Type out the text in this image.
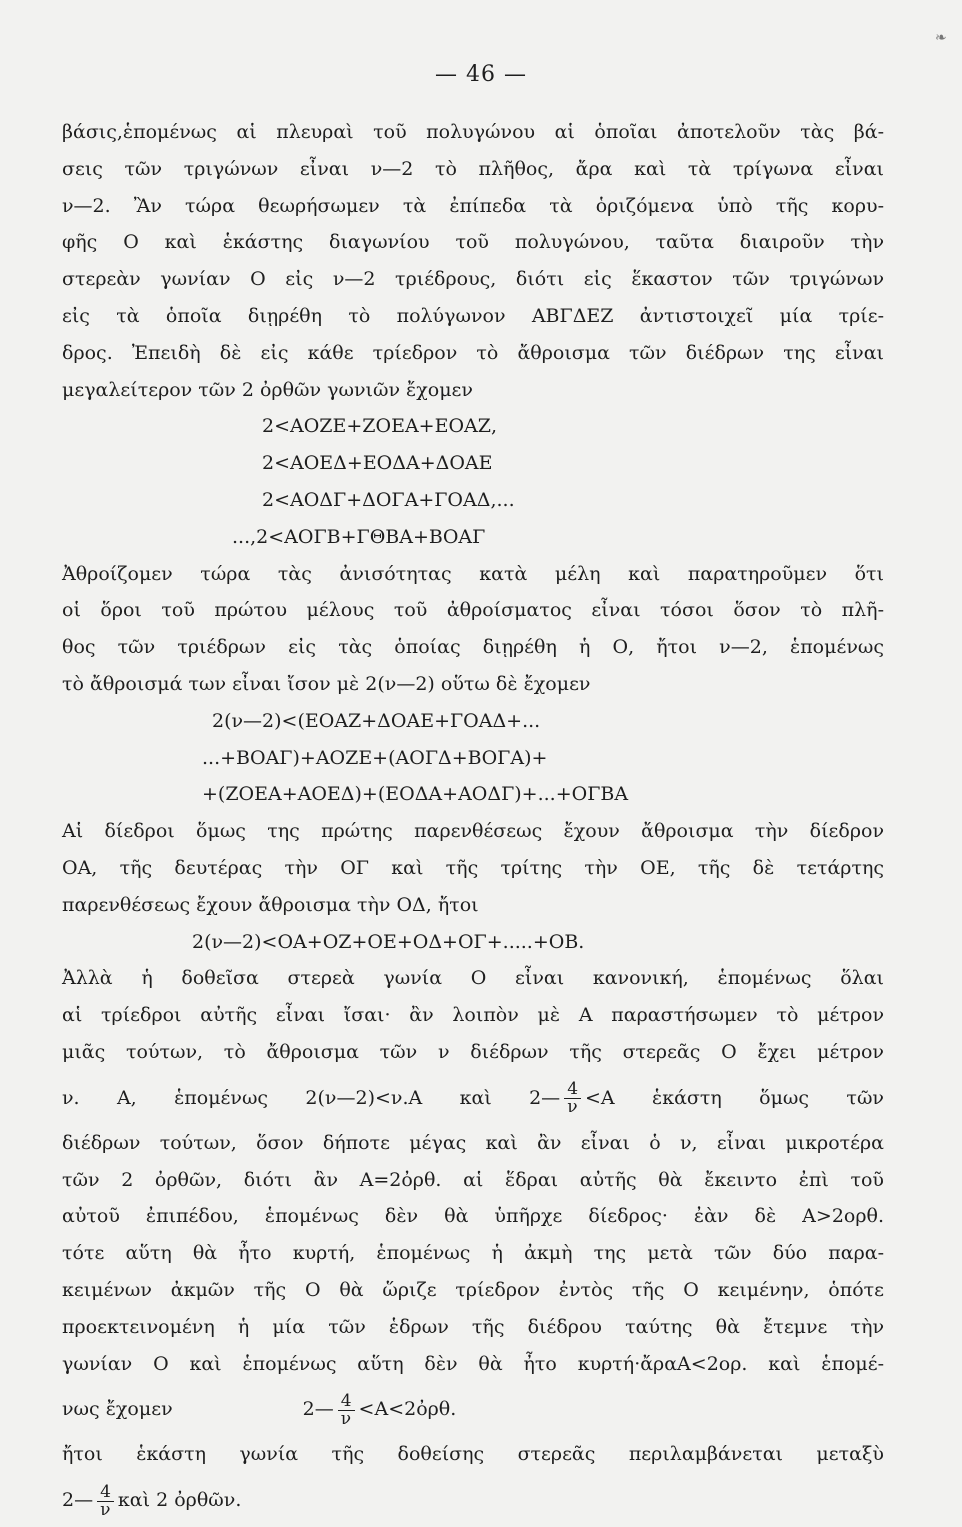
— 46 —
βάσις,ἑπομένως αἱ πλευραὶ τοῦ πολυγώνου αἱ ὁποῖαι ἀποτελοῦν τὰς βά-
σεις τῶν τριγώνων εἶναι ν—2 τὸ πλῆθος, ἄρα καὶ τὰ τρίγωνα εἶναι
ν—2. Ἂν τώρα θεωρήσωμεν τὰ ἐπίπεδα τὰ ὁριζόμενα ὑπὸ τῆς κορυ-
φῆς Ο καὶ ἑκάστης διαγωνίου τοῦ πολυγώνου, ταῦτα διαιροῦν τὴν
στερεὰν γωνίαν Ο εἰς ν—2 τριέδρους, διότι εἰς ἕκαστον τῶν τριγώνων
εἰς τὰ ὁποῖα διῃρέθη τὸ πολύγωνον ΑΒΓΔΕΖ ἀντιστοιχεῖ μία τρίε-
δρος. Ἐπειδὴ δὲ εἰς κάθε τρίεδρον τὸ ἄθροισμα τῶν διέδρων της εἶναι
μεγαλείτερον τῶν 2 ὀρθῶν γωνιῶν ἔχομεν
2<ΑΟΖΕ+ΖΟΕΑ+ΕΟΑΖ,
2<ΑΟΕΔ+ΕΟΔΑ+ΔΟΑΕ
2<ΑΟΔΓ+ΔΟΓΑ+ΓΟΑΔ,...
...,2<ΑΟΓΒ+ΓΘΒΑ+ΒΟΑΓ
Ἀθροίζομεν τώρα τὰς ἀνισότητας κατὰ μέλη καὶ παρατηροῦμεν ὅτι
οἱ ὅροι τοῦ πρώτου μέλους τοῦ ἀθροίσματος εἶναι τόσοι ὅσον τὸ πλῆ-
θος τῶν τριέδρων εἰς τὰς ὁποίας διῃρέθη ἡ Ο, ἤτοι ν—2, ἑπομένως
τὸ ἄθροισμά των εἶναι ἴσον μὲ 2(ν—2) οὕτω δὲ ἔχομεν
2(ν—2)<(ΕΟΑΖ+ΔΟΑΕ+ΓΟΑΔ+...
...+ΒΟΑΓ)+ΑΟΖΕ+(ΑΟΓΔ+ΒΟΓΑ)+
+(ΖΟΕΑ+ΑΟΕΔ)+(ΕΟΔΑ+ΑΟΔΓ)+...+ΟΓΒΑ
Αἱ δίεδροι ὅμως της πρώτης παρενθέσεως ἔχουν ἄθροισμα τὴν δίεδρον
ΟΑ, τῆς δευτέρας τὴν ΟΓ καὶ τῆς τρίτης τὴν ΟΕ, τῆς δὲ τετάρτης
παρενθέσεως ἔχουν ἄθροισμα τὴν ΟΔ, ἤτοι
2(ν—2)<ΟΑ+ΟΖ+ΟΕ+ΟΔ+ΟΓ+.....+ΟΒ.
Ἀλλὰ ἡ δοθεῖσα στερεὰ γωνία Ο εἶναι κανονική, ἑπομένως ὅλαι
αἱ τρίεδροι αὐτῆς εἶναι ἴσαι· ἂν λοιπὸν μὲ Α παραστήσωμεν τὸ μέτρον
μιᾶς τούτων, τὸ ἄθροισμα τῶν ν διέδρων τῆς στερεᾶς Ο ἔχει μέτρον
ν. Α, ἑπομένως 2(ν—2)<ν.Α καὶ 2— $\frac{4}{\nu} <A$ ἑκάστη ὅμως τῶν
διέδρων τούτων, ὅσον δήποτε μέγας καὶ ἂν εἶναι ὁ ν, εἶναι μικροτέρα
τῶν 2 ὀρθῶν, διότι ἂν Α=2ὀρθ. αἱ ἕδραι αὐτῆς θὰ ἔκειντο ἐπὶ τοῦ
αὐτοῦ ἐπιπέδου, ἑπομένως δὲν θὰ ὑπῆρχε δίεδρος· ἐὰν δὲ Α>2ορθ.
τότε αὕτη θὰ ἦτο κυρτή, ἑπομένως ἡ ἀκμὴ της μετὰ τῶν δύο παρα-
κειμένων ἀκμῶν τῆς Ο θὰ ὥριζε τρίεδρον ἐντὸς τῆς Ο κειμένην, ὁπότε
προεκτεινομένη ἡ μία τῶν ἑδρων τῆς διέδρου ταύτης θὰ ἔτεμνε τὴν
γωνίαν Ο καὶ ἑπομένως αὕτη δὲν θὰ ἦτο κυρτή·ἄραΑ<2ορ. καὶ ἑπομέ-
νως ἔχομεν	2— $\frac{4}{\nu}$ <Α<2ὀρθ.
ἤτοι ἑκάστη γωνία τῆς δοθείσης στερεᾶς περιλαμβάνεται μεταξὺ
2— $\frac{4}{\nu}$ καὶ 2 ὀρθῶν.
❧
